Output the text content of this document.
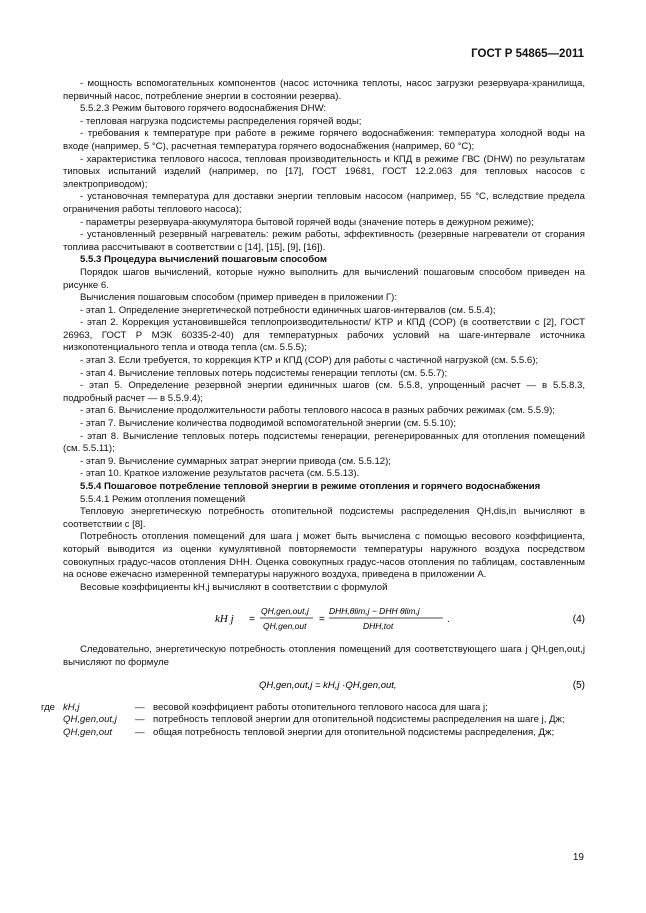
ГОСТ Р 54865—2011

- мощность вспомогательных компонентов (насос источника теплоты, насос загрузки резервуара-хранилища, первичный насос, потребление энергии в состоянии резерва).

5.5.2.3 Режим бытового горячего водоснабжения DHW:

- тепловая нагрузка подсистемы распределения горячей воды;

- требования к температуре при работе в режиме горячего водоснабжения: температура холодной воды на входе (например, 5 °С), расчетная температура горячего водоснабжения (например, 60 °С);

- характеристика теплового насоса, тепловая производительность и КПД в режиме ГВС (DHW) по результатам типовых испытаний изделий (например, по [17], ГОСТ 19681, ГОСТ 12.2.063 для тепловых насосов с электроприводом);

- установочная температура для доставки энергии тепловым насосом (например, 55 °С, вследствие предела ограничения работы теплового насоса);

- параметры резервуара-аккумулятора бытовой горячей воды (значение потерь в дежурном режиме);

- установленный резервный нагреватель: режим работы, эффективность (резервные нагреватели от сгорания топлива рассчитывают в соответствии с [14], [15], [9], [16]).

5.5.3 Процедура вычислений пошаговым способом

Порядок шагов вычислений, которые нужно выполнить для вычислений пошаговым способом приведен на рисунке 6.

Вычисления пошаговым способом (пример приведен в приложении Г):

- этап 1. Определение энергетической потребности единичных шагов-интервалов (см. 5.5.4);

- этап 2. Коррекция установившейся теплопроизводительности/ KТР и КПД (СОР) (в соответствии с [2], ГОСТ 26963, ГОСТ Р МЭК 60335-2-40) для температурных рабочих условий на шаге-интервале источника низкопотенциального тепла и отвода тепла (см. 5.5.5);

- этап 3. Если требуется, то коррекция KТР и КПД (СОР) для работы с частичной нагрузкой (см. 5.5.6);

- этап 4. Вычисление тепловых потерь подсистемы генерации теплоты (см. 5.5.7);

- этап 5. Определение резервной энергии единичных шагов (см. 5.5.8, упрощенный расчет — в 5.5.8.3, подробный расчет — в 5.5.9.4);

- этап 6. Вычисление продолжительности работы теплового насоса в разных рабочих режимах (см. 5.5.9);

- этап 7. Вычисление количества подводимой вспомогательной энергии (см. 5.5.10);

- этап 8. Вычисление тепловых потерь подсистемы генерации, регенерированных для отопления помещений (см. 5.5.11);

- этап 9. Вычисление суммарных затрат энергии привода (см. 5.5.12);

- этап 10. Краткое изложение результатов расчета (см. 5.5.13).

5.5.4 Пошаговое потребление тепловой энергии в режиме отопления и горячего водоснабжения

5.5.4.1 Режим отопления помещений

Тепловую энергетическую потребность отопительной подсистемы распределения QH,dis,in вычисляют в соответствии с [8].

Потребность отопления помещений для шага j может быть вычислена с помощью весового коэффициента, который выводится из оценки кумулятивной повторяемости температуры наружного воздуха посредством совокупных градус-часов отопления DHH. Оценка совокупных градус-часов отопления по таблицам, составленным на основе ежечасно измеренной температуры наружного воздуха, приведена в приложении А.

Весовые коэффициенты kH,j вычисляют в соответствии с формулой

kH j =
QH,gen,out,j
QH,gen,out
=
DHH,θlim,j − DHH θlim,j
DHH,tot
.	(4)

Следовательно, энергетическую потребность отопления помещений для соответствующего шага j QH,gen,out,j вычисляют по формуле

QH,gen,out,j = kH,j ·QH,gen,out,	(5)
где kH,j	— весовой коэффициент работы отопительного теплового насоса для шага j;
QH,gen,out,j	— потребность тепловой энергии для отопительной подсистемы распределения на шаге j, Дж;
QH,gen,out	— общая потребность тепловой энергии для отопительной подсистемы распределения, Дж;
19
